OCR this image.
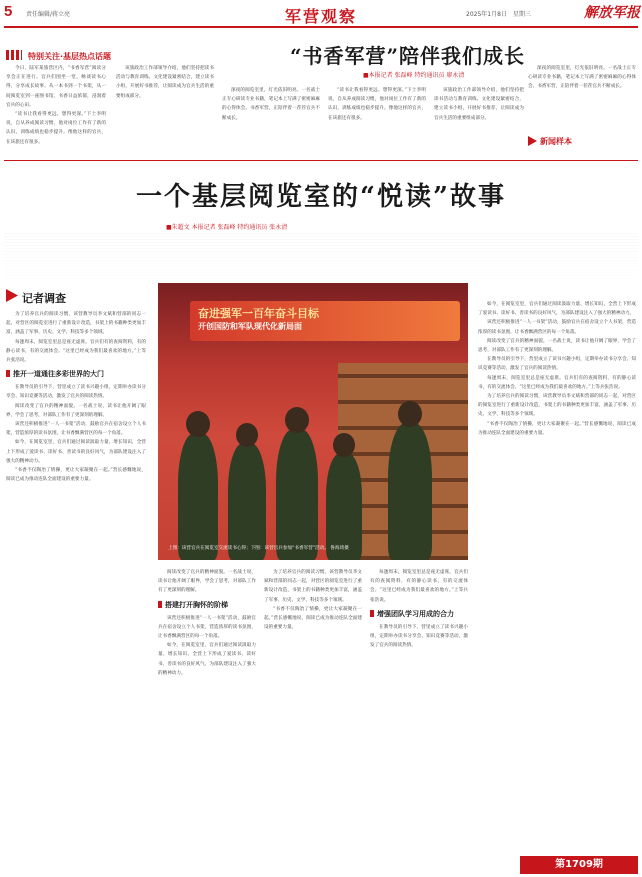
5 责任编辑/蒋立亮	军营观察	2025年1月8日　星期三	解放军报
特别关注·基层热点话题	“书香军营”陪伴我们成长
■本报记者 张磊峰 特约通讯员 廖永清

今日，陆军某旅营区内，“书香军营”阅读分享会正在进行。官兵们围坐一堂，畅谈读书心得，分享成长故事。从一本书到一个书架，从一间阅览室到一座图书馆，书香日益浓郁，浸润着官兵的心田。

“读书让我看得更远、想得更深。”下士李明说，自从养成阅读习惯，他对岗位工作有了新的认识，训练成绩也稳步提升。像他这样的官兵，在该旅还有很多。

该旅政治工作部领导介绍，他们坚持把读书活动与教育训练、文化建设紧密结合，建立读书小组，开展好书推荐，让阅读成为官兵生活的重要组成部分。

深夜的阅览室里，灯光依旧明亮。一名战士正专心研读专业书籍，笔记本上写满了密密麻麻的心得体会。书香军营，正陪伴着一茬茬官兵不断成长。

“读书让我看得更远、想得更深。”下士李明说，自从养成阅读习惯，他对岗位工作有了新的认识，训练成绩也稳步提升。像他这样的官兵，在该旅还有很多。

该旅政治工作部领导介绍，他们坚持把读书活动与教育训练、文化建设紧密结合，建立读书小组，开展好书推荐，让阅读成为官兵生活的重要组成部分。

深夜的阅览室里，灯光依旧明亮。一名战士正专心研读专业书籍，笔记本上写满了密密麻麻的心得体会。书香军营，正陪伴着一茬茬官兵不断成长。

新闻样本
一个基层阅览室的“悦读”故事
■朱超文 本报记者 张磊峰 特约通讯员 张永清
记者调查

为了培养官兵的阅读习惯，该营教导员李文斌和营部的同志一起，对营区的阅览室进行了重新设计改造，书架上的书籍种类更加丰富，涵盖了军事、历史、文学、科技等多个领域。

每逢周末，阅览室里总是座无虚席。官兵们有的查阅资料，有的静心读书，有的交流体会。“这里已经成为我们最喜欢的地方。”上等兵张浩说。

推开一道通往多彩世界的大门

在教导员的引导下，营里成立了读书兴趣小组，定期举办读书分享会、知识竞赛等活动，激发了官兵的阅读热情。

阅读改变了官兵的精神面貌。一名战士说，读书让他开阔了眼界，学会了思考，对部队工作有了更深刻的理解。

该营还积极推进“一人一书架”活动，鼓励官兵在宿舍设立个人书架，营造浓厚的读书氛围，让书香飘满营区的每一个角落。

如今，在阅览室里，官兵们通过阅读汲取力量、增长知识，全营上下形成了爱读书、读好书、善读书的良好风气，为部队建设注入了强大的精神动力。

“书香不仅陶冶了情操，更让大家凝聚在一起。”营长感慨地说，阅读已成为推动连队全面建设的重要力量。

奋进强军一百年奋斗目标
开创国防和军队现代化新局面
上图：该营官兵在阅览室交流读书心得；下图：该营官兵参加“书香军营”活动。 鲁海琦摄

阅读改变了官兵的精神面貌。一名战士说，读书让他开阔了眼界，学会了思考，对部队工作有了更深刻的理解。

搭建打开胸怀的阶梯

该营还积极推进“一人一书架”活动，鼓励官兵在宿舍设立个人书架，营造浓厚的读书氛围，让书香飘满营区的每一个角落。

如今，在阅览室里，官兵们通过阅读汲取力量、增长知识，全营上下形成了爱读书、读好书、善读书的良好风气，为部队建设注入了强大的精神动力。

为了培养官兵的阅读习惯，该营教导员李文斌和营部的同志一起，对营区的阅览室进行了重新设计改造，书架上的书籍种类更加丰富，涵盖了军事、历史、文学、科技等多个领域。

“书香不仅陶冶了情操，更让大家凝聚在一起。”营长感慨地说，阅读已成为推动连队全面建设的重要力量。

每逢周末，阅览室里总是座无虚席。官兵们有的查阅资料，有的静心读书，有的交流体会。“这里已经成为我们最喜欢的地方。”上等兵张浩说。

增强团队学习用成的合力

在教导员的引导下，营里成立了读书兴趣小组，定期举办读书分享会、知识竞赛等活动，激发了官兵的阅读热情。

如今，在阅览室里，官兵们通过阅读汲取力量、增长知识，全营上下形成了爱读书、读好书、善读书的良好风气，为部队建设注入了强大的精神动力。

该营还积极推进“一人一书架”活动，鼓励官兵在宿舍设立个人书架，营造浓厚的读书氛围，让书香飘满营区的每一个角落。

阅读改变了官兵的精神面貌。一名战士说，读书让他开阔了眼界，学会了思考，对部队工作有了更深刻的理解。

在教导员的引导下，营里成立了读书兴趣小组，定期举办读书分享会、知识竞赛等活动，激发了官兵的阅读热情。

每逢周末，阅览室里总是座无虚席。官兵们有的查阅资料，有的静心读书，有的交流体会。“这里已经成为我们最喜欢的地方。”上等兵张浩说。

为了培养官兵的阅读习惯，该营教导员李文斌和营部的同志一起，对营区的阅览室进行了重新设计改造，书架上的书籍种类更加丰富，涵盖了军事、历史、文学、科技等多个领域。

“书香不仅陶冶了情操，更让大家凝聚在一起。”营长感慨地说，阅读已成为推动连队全面建设的重要力量。

第1709期
